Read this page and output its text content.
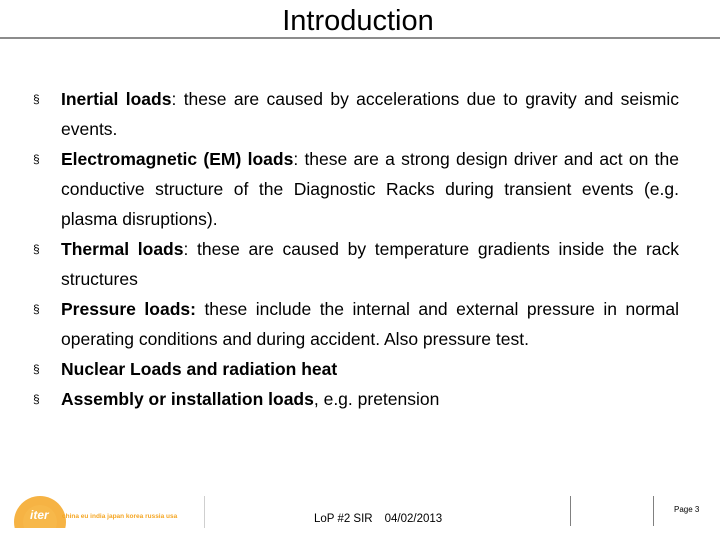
Introduction
§ Inertial loads: these are caused by accelerations due to gravity and seismic events.
§ Electromagnetic (EM) loads: these are a strong design driver and act on the conductive structure of the Diagnostic Racks during transient events (e.g. plasma disruptions).
§ Thermal loads: these are caused by temperature gradients inside the rack structures
§ Pressure loads: these include the internal and external pressure in normal operating conditions and during accident. Also pressure test.
§ Nuclear Loads and radiation heat
§ Assembly or installation loads, e.g. pretension
iter china eu india japan korea russia usa	LoP #2 SIR 04/02/2013
Page 3
